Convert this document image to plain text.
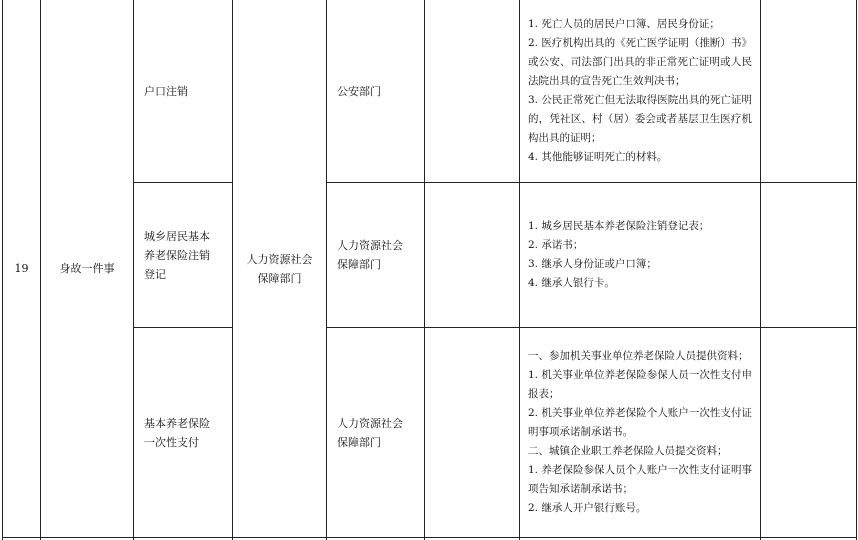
19	身故一件事
人力资源社会
保障部门
户口注销	公安部门
1. 死亡人员的居民户口簿、居民身份证；
2. 医疗机构出具的《死亡医学证明（推断）书》或公安、司法部门出具的非正常死亡证明或人民法院出具的宣告死亡生效判决书；
3. 公民正常死亡但无法取得医院出具的死亡证明的，凭社区、村（居）委会或者基层卫生医疗机构出具的证明；
4. 其他能够证明死亡的材料。
城乡居民基本
养老保险注销
登记
人力资源社会
保障部门
1. 城乡居民基本养老保险注销登记表；
2. 承诺书；
3. 继承人身份证或户口簿；
4. 继承人银行卡。
基本养老保险
一次性支付
人力资源社会
保障部门
一、参加机关事业单位养老保险人员提供资料；
1. 机关事业单位养老保险参保人员一次性支付申报表；
2. 机关事业单位养老保险个人账户一次性支付证明事项承诺制承诺书。
二、城镇企业职工养老保险人员提交资料；
1. 养老保险参保人员个人账户一次性支付证明事项告知承诺制承诺书；
2. 继承人开户银行账号。
